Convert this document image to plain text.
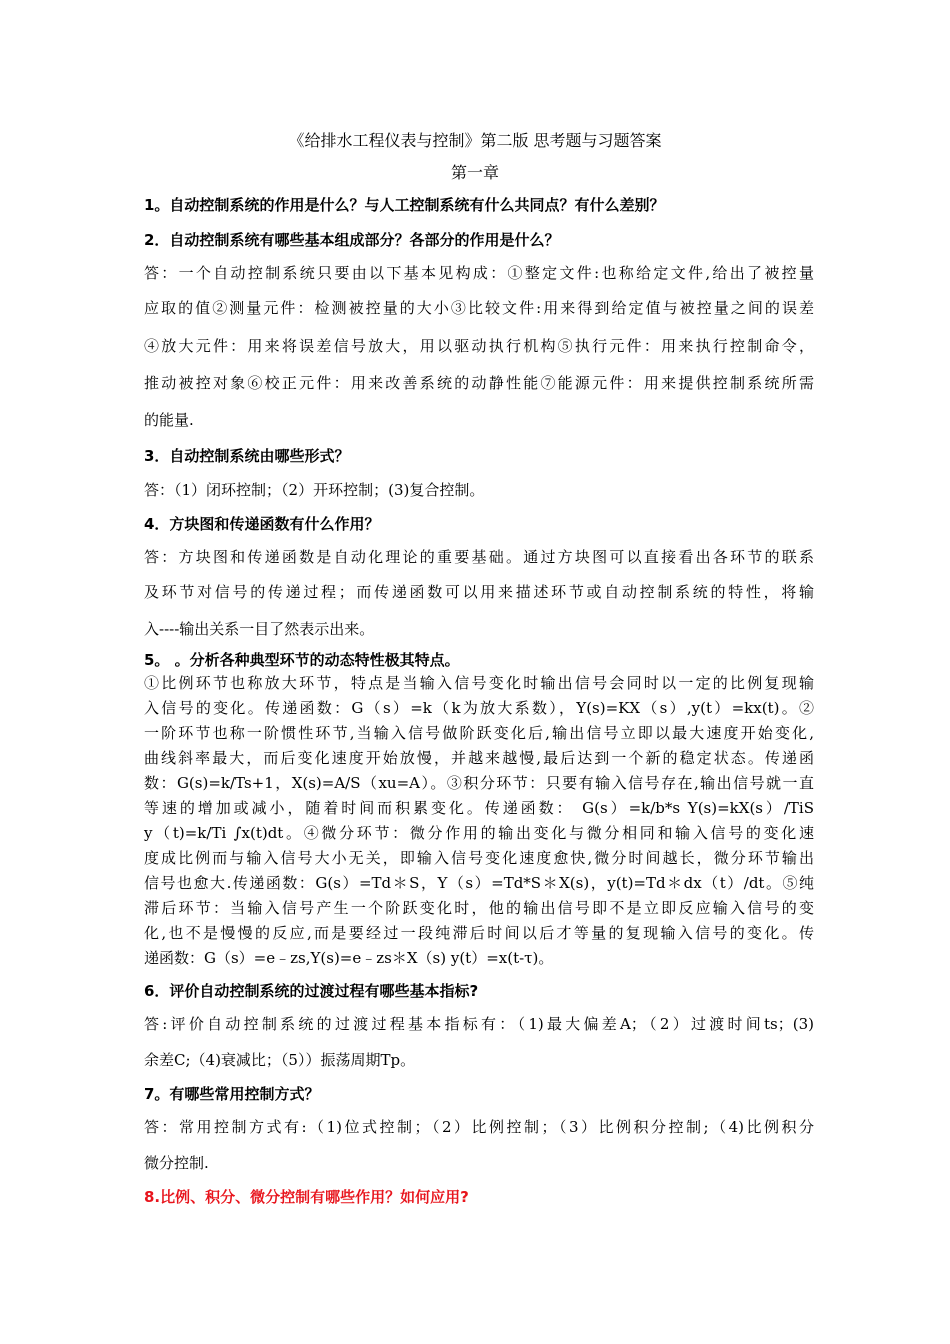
《给排水工程仪表与控制》第二版 思考题与习题答案
第一章
1。自动控制系统的作用是什么？与人工控制系统有什么共同点？有什么差别？
2．自动控制系统有哪些基本组成部分？各部分的作用是什么？
答：一个自动控制系统只要由以下基本见构成：①整定文件:也称给定文件,给出了被控量
应取的值②测量元件：检测被控量的大小③比较文件:用来得到给定值与被控量之间的误差
④放大元件：用来将误差信号放大，用以驱动执行机构⑤执行元件：用来执行控制命令，
推动被控对象⑥校正元件：用来改善系统的动静性能⑦能源元件：用来提供控制系统所需
的能量.
3．自动控制系统由哪些形式？
答：（1）闭环控制；（2）开环控制；(3)复合控制。
4．方块图和传递函数有什么作用？
答：方块图和传递函数是自动化理论的重要基础。通过方块图可以直接看出各环节的联系
及环节对信号的传递过程；而传递函数可以用来描述环节或自动控制系统的特性，将输
入----输出关系一目了然表示出来。
5。 。分析各种典型环节的动态特性极其特点。
①比例环节也称放大环节，特点是当输入信号变化时输出信号会同时以一定的比例复现输
入信号的变化。传递函数：G（s）=k（k为放大系数），Y(s)=KX（s）,y(t）=kx(t)。②
一阶环节也称一阶惯性环节,当输入信号做阶跃变化后,输出信号立即以最大速度开始变化,
曲线斜率最大，而后变化速度开始放慢，并越来越慢,最后达到一个新的稳定状态。传递函
数：G(s)=k/Ts+1，X(s)=A/S（xu=A）。③积分环节：只要有输入信号存在,输出信号就一直
等速的增加或减小，随着时间而积累变化。传递函数： G(s）=k/b*s Y(s)=kX(s）/TiS
y（t)=k/Ti ∫x(t)dt。④微分环节：微分作用的输出变化与微分相同和输入信号的变化速
度成比例而与输入信号大小无关，即输入信号变化速度愈快,微分时间越长，微分环节输出
信号也愈大.传递函数：G(s）=Td＊S，Y（s）=Td*S＊X(s)，y(t)=Td＊dx（t）/dt。⑤纯
滞后环节：当输入信号产生一个阶跃变化时，他的输出信号即不是立即反应输入信号的变
化,也不是慢慢的反应,而是要经过一段纯滞后时间以后才等量的复现输入信号的变化。传
递函数：G（s）=e﹣zs,Y(s)=e﹣zs＊X（s) y(t）=x(t-τ)。
6．评价自动控制系统的过渡过程有哪些基本指标?
答:评价自动控制系统的过渡过程基本指标有：（1)最大偏差A；（2）过渡时间ts；(3)
余差C;（4)衰减比；（5））振荡周期Tp。
7。有哪些常用控制方式？
答：常用控制方式有:（1)位式控制；（2）比例控制；（3）比例积分控制;（4)比例积分
微分控制.
8.比例、积分、微分控制有哪些作用？如何应用?
